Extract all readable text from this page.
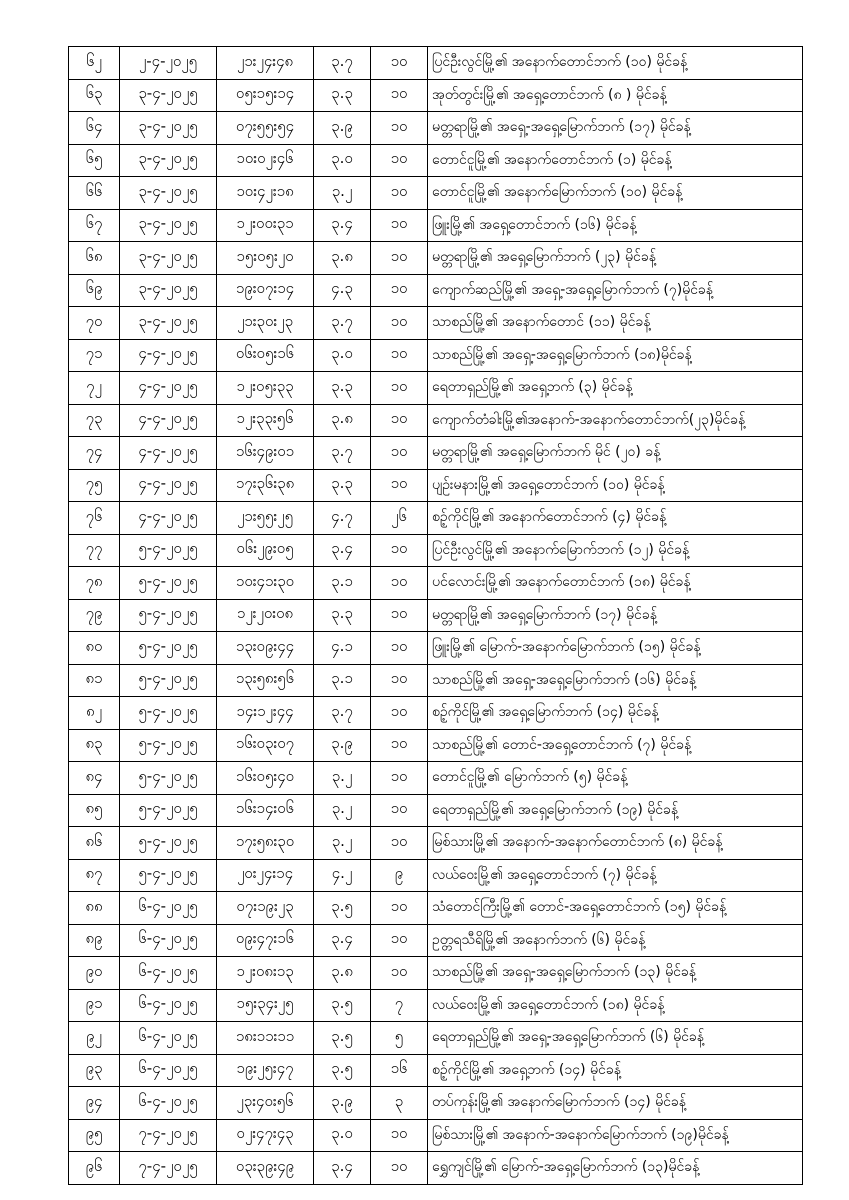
၆၂	၂-၄-၂၀၂၅	၂၁း၂၄း၄၈	၃.၇	၁၀	ပြင်ဦးလွင်မြို့၏ အနောက်တောင်ဘက် (၁၀) မိုင်ခန့်
၆၃	၃-၄-၂၀၂၅	၀၅း၁၅း၁၄	၃.၃	၁၀	အုတ်တွင်းမြို့၏ အရှေ့တောင်ဘက် (၈ ) မိုင်ခန့်
၆၄	၃-၄-၂၀၂၅	၀၇း၅၅း၅၄	၃.၉	၁၀	မတ္တရာမြို့၏ အရှေ့-အရှေ့မြောက်ဘက် (၁၇) မိုင်ခန့်
၆၅	၃-၄-၂၀၂၅	၁၀း၀၂း၄၆	၃.၀	၁၀	တောင်ငူမြို့၏ အနောက်တောင်ဘက် (၁) မိုင်ခန့်
၆၆	၃-၄-၂၀၂၅	၁၀း၄၂း၁၈	၃.၂	၁၀	တောင်ငူမြို့၏ အနောက်မြောက်ဘက် (၁၀) မိုင်ခန့်
၆၇	၃-၄-၂၀၂၅	၁၂း၀၀း၃၁	၃.၄	၁၀	ဖြူးမြို့၏ အရှေ့တောင်ဘက် (၁၆) မိုင်ခန့်
၆၈	၃-၄-၂၀၂၅	၁၅း၀၅း၂၀	၃.၈	၁၀	မတ္တရာမြို့၏ အရှေ့မြောက်ဘက် (၂၃) မိုင်ခန့်
၆၉	၃-၄-၂၀၂၅	၁၉း၀၇း၁၄	၄.၃	၁၀	ကျောက်ဆည်မြို့၏ အရှေ့-အရှေ့မြောက်ဘက် (၇)မိုင်ခန့်
၇၀	၃-၄-၂၀၂၅	၂၁း၃၀း၂၃	၃.၇	၁၀	သာစည်မြို့၏ အနောက်တောင် (၁၁) မိုင်ခန့်
၇၁	၄-၄-၂၀၂၅	၀၆း၀၅း၁၆	၃.၀	၁၀	သာစည်မြို့၏ အရှေ့-အရှေ့မြောက်ဘက် (၁၈)မိုင်ခန့်
၇၂	၄-၄-၂၀၂၅	၁၂း၀၅း၃၃	၃.၃	၁၀	ရေတာရှည်မြို့၏ အရှေ့ဘက် (၃) မိုင်ခန့်
၇၃	၄-၄-၂၀၂၅	၁၂း၃၃း၅၆	၃.၈	၁၀	ကျောက်တံခါးမြို့၏အနောက်-အနောက်တောင်ဘက်(၂၃)မိုင်ခန့်
၇၄	၄-၄-၂၀၂၅	၁၆း၄၉း၀၁	၃.၇	၁၀	မတ္တရာမြို့၏ အရှေ့မြောက်ဘက် မိုင် (၂၀) ခန့်
၇၅	၄-၄-၂၀၂၅	၁၇း၃၆း၃၈	၃.၃	၁၀	ပျဉ်းမနားမြို့၏ အရှေ့တောင်ဘက် (၁၀) မိုင်ခန့်
၇၆	၄-၄-၂၀၂၅	၂၁း၅၅း၂၅	၄.၇	၂၆	စဉ့်ကိုင်မြို့၏ အနောက်တောင်ဘက် (၄) မိုင်ခန့်
၇၇	၅-၄-၂၀၂၅	၀၆း၂၉း၀၅	၃.၄	၁၀	ပြင်ဦးလွင်မြို့၏ အနောက်မြောက်ဘက် (၁၂) မိုင်ခန့်
၇၈	၅-၄-၂၀၂၅	၁၀း၄၁း၃၀	၃.၁	၁၀	ပင်လောင်းမြို့၏ အနောက်တောင်ဘက် (၁၈) မိုင်ခန့်
၇၉	၅-၄-၂၀၂၅	၁၂း၂၀း၀၈	၃.၃	၁၀	မတ္တရာမြို့၏ အရှေ့မြောက်ဘက် (၁၇) မိုင်ခန့်
၈၀	၅-၄-၂၀၂၅	၁၃း၀၉း၄၄	၄.၁	၁၀	ဖြူးမြို့၏ မြောက်-အနောက်မြောက်ဘက် (၁၅) မိုင်ခန့်
၈၁	၅-၄-၂၀၂၅	၁၃း၅၈း၅၆	၃.၁	၁၀	သာစည်မြို့၏ အရှေ့-အရှေ့မြောက်ဘက် (၁၆) မိုင်ခန့်
၈၂	၅-၄-၂၀၂၅	၁၄း၁၂း၄၄	၃.၇	၁၀	စဉ့်ကိုင်မြို့၏ အရှေ့မြောက်ဘက် (၁၄) မိုင်ခန့်
၈၃	၅-၄-၂၀၂၅	၁၆း၀၃း၀၇	၃.၉	၁၀	သာစည်မြို့၏ တောင်-အရှေ့တောင်ဘက် (၇) မိုင်ခန့်
၈၄	၅-၄-၂၀၂၅	၁၆း၀၅း၄၀	၃.၂	၁၀	တောင်ငူမြို့၏ မြောက်ဘက် (၅) မိုင်ခန့်
၈၅	၅-၄-၂၀၂၅	၁၆း၁၄း၀၆	၃.၂	၁၀	ရေတာရှည်မြို့၏ အရှေ့မြောက်ဘက် (၁၉) မိုင်ခန့်
၈၆	၅-၄-၂၀၂၅	၁၇း၅၈း၃၀	၃.၂	၁၀	မြစ်သားမြို့၏ အနောက်-အနောက်တောင်ဘက် (၈) မိုင်ခန့်
၈၇	၅-၄-၂၀၂၅	၂၀း၂၄း၁၄	၄.၂	၉	လယ်ဝေးမြို့၏ အရှေ့တောင်ဘက် (၇) မိုင်ခန့်
၈၈	၆-၄-၂၀၂၅	၀၇း၁၉း၂၃	၃.၅	၁၀	သံတောင်ကြီးမြို့၏ တောင်-အရှေ့တောင်ဘက် (၁၅) မိုင်ခန့်
၈၉	၆-၄-၂၀၂၅	၀၉း၄၇း၁၆	၃.၄	၁၀	ဥတ္တရသီရိမြို့၏ အနောက်ဘက် (၆) မိုင်ခန့်
၉၀	၆-၄-၂၀၂၅	၁၂း၀၈း၁၃	၃.၈	၁၀	သာစည်မြို့၏ အရှေ့-အရှေ့မြောက်ဘက် (၁၃) မိုင်ခန့်
၉၁	၆-၄-၂၀၂၅	၁၅း၃၄း၂၅	၃.၅	၇	လယ်ဝေးမြို့၏ အရှေ့တောင်ဘက် (၁၈) မိုင်ခန့်
၉၂	၆-၄-၂၀၂၅	၁၈း၁၁း၁၁	၃.၅	၅	ရေတာရှည်မြို့၏ အရှေ့-အရှေ့မြောက်ဘက် (၆) မိုင်ခန့်
၉၃	၆-၄-၂၀၂၅	၁၉း၂၅း၄၇	၃.၅	၁၆	စဉ့်ကိုင်မြို့၏ အရှေ့ဘက် (၁၄) မိုင်ခန့်
၉၄	၆-၄-၂၀၂၅	၂၃း၄၀း၅၆	၃.၉	၃	တပ်ကုန်းမြို့၏ အနောက်မြောက်ဘက် (၁၄) မိုင်ခန့်
၉၅	၇-၄-၂၀၂၅	၀၂း၄၇း၄၃	၃.၀	၁၀	မြစ်သားမြို့၏ အနောက်-အနောက်မြောက်ဘက် (၁၉)မိုင်ခန့်
၉၆	၇-၄-၂၀၂၅	၀၃း၃၉း၄၉	၃.၄	၁၀	ရွှေကျင်မြို့၏ မြောက်-အရှေ့မြောက်ဘက် (၁၃)မိုင်ခန့်
